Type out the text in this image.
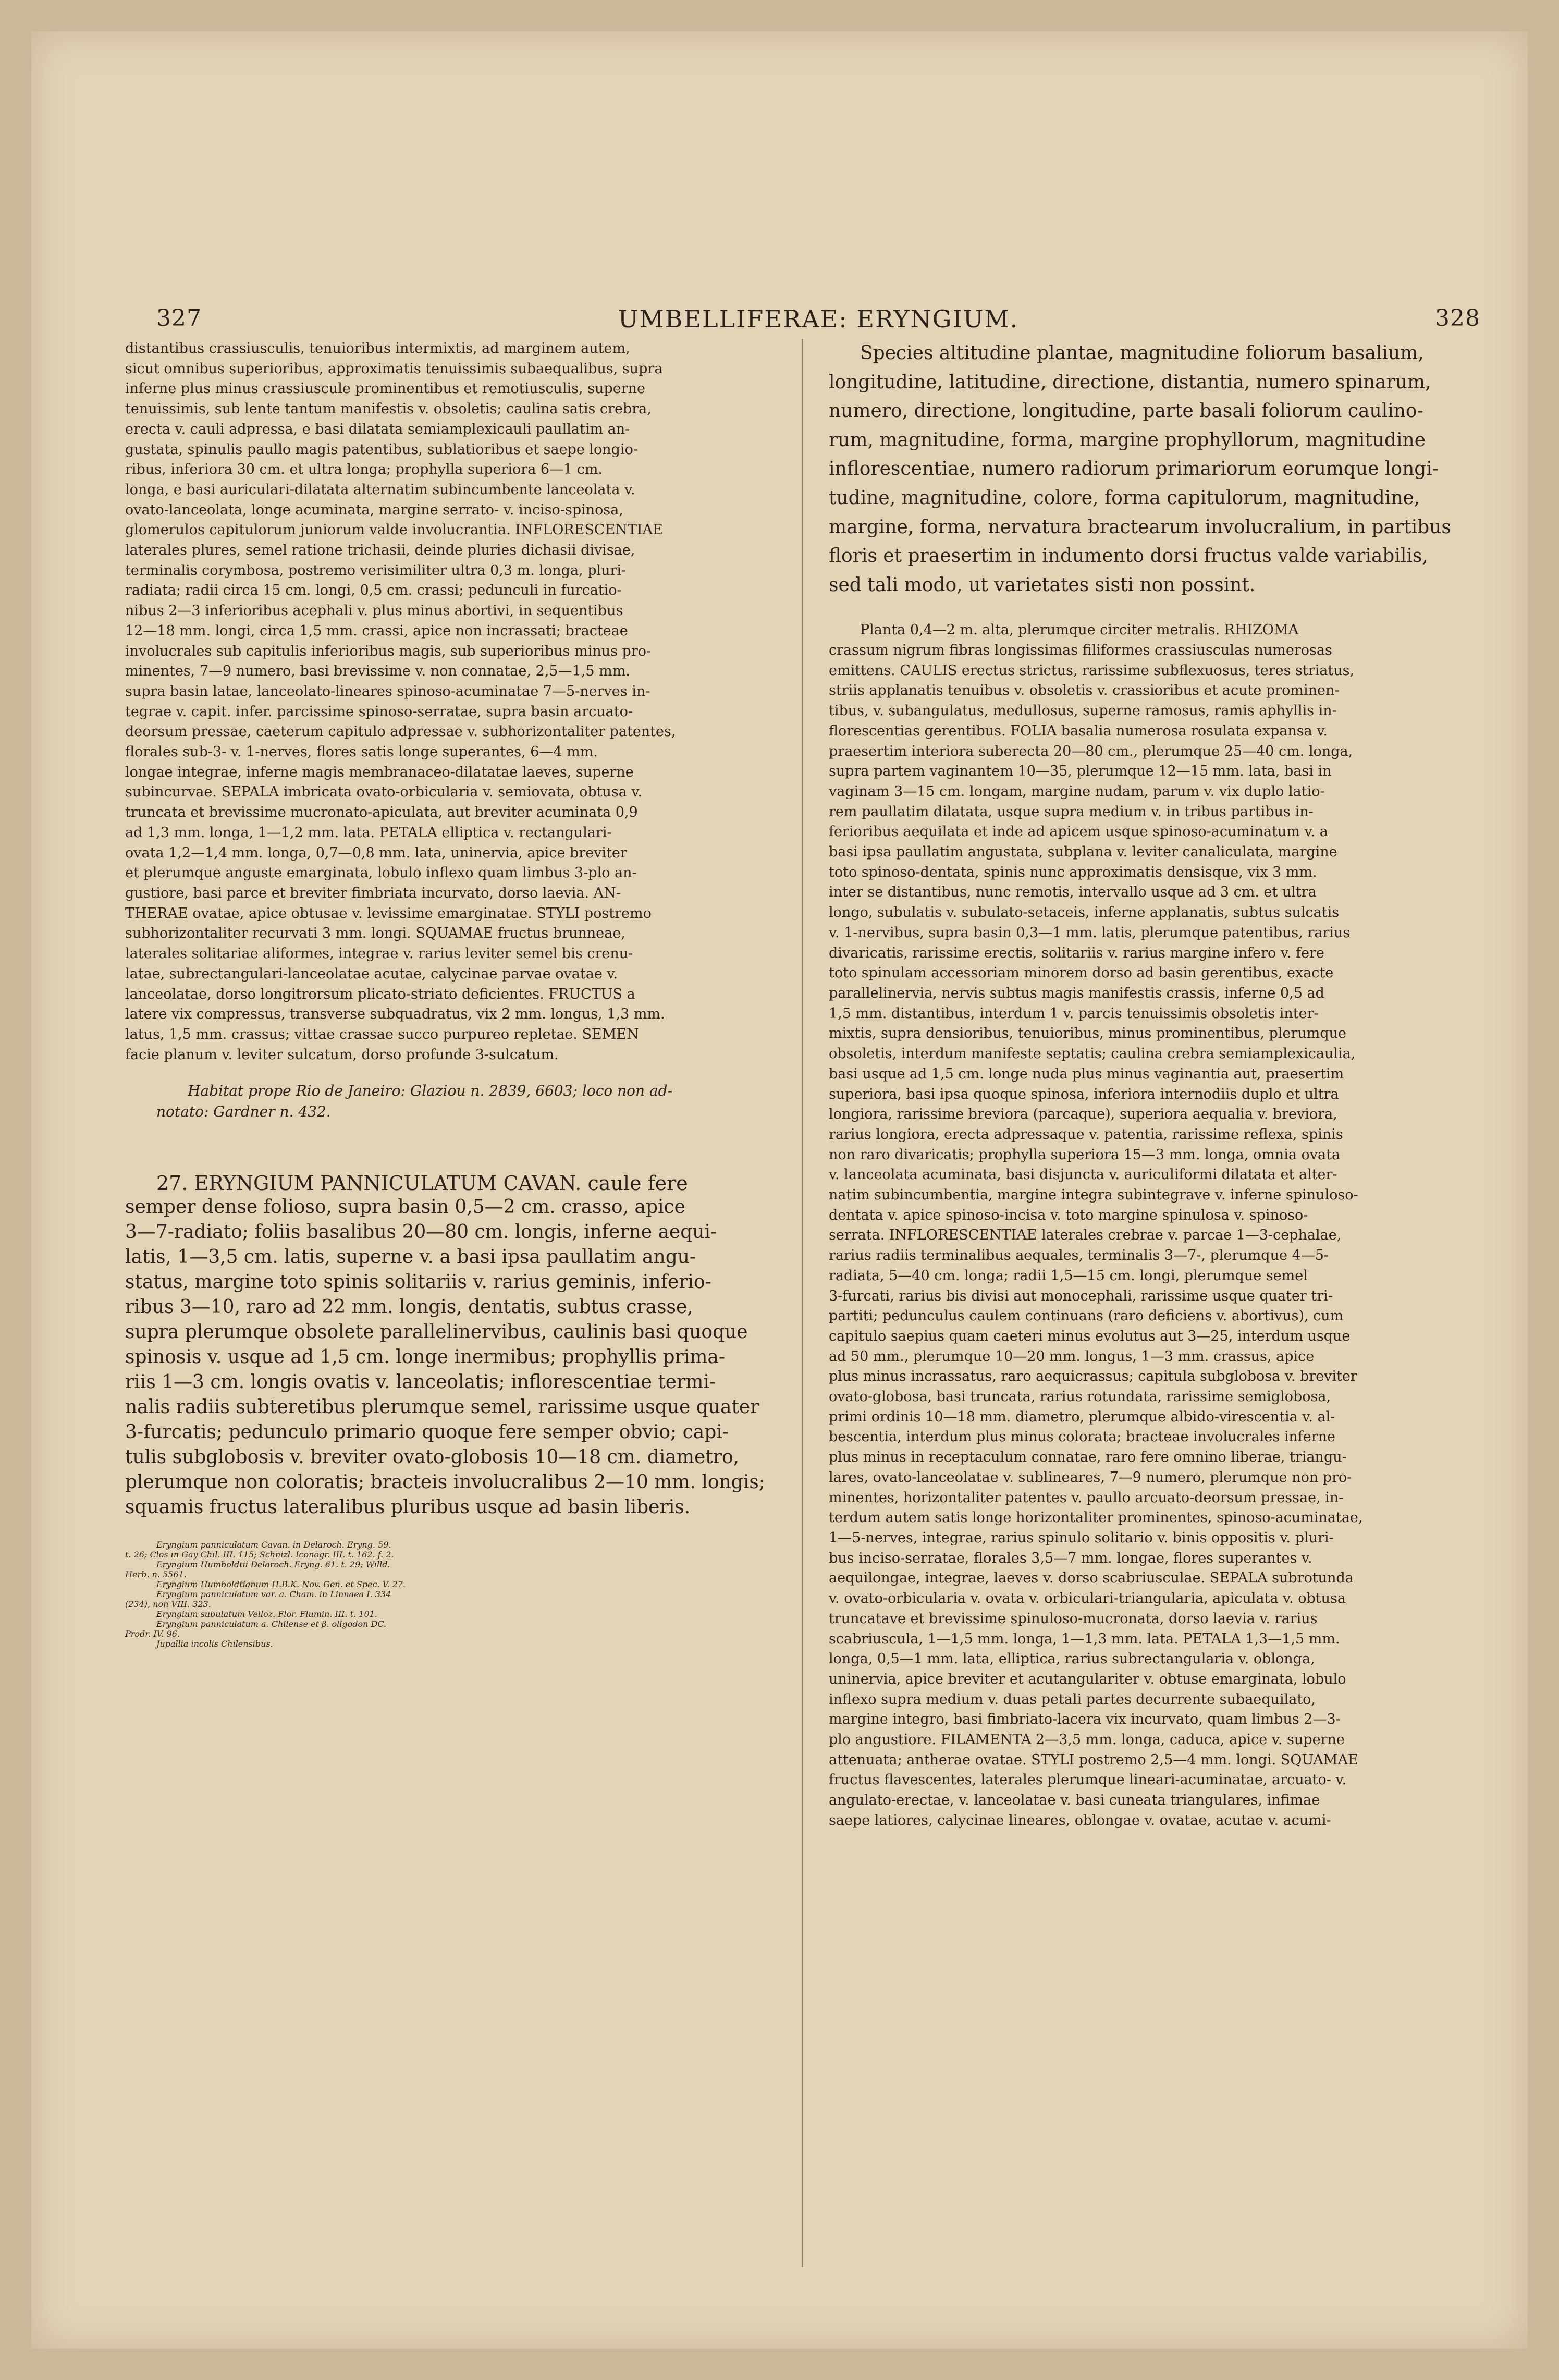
327	UMBELLIFERAE: ERYNGIUM.	328
distantibus crassiusculis, tenuioribus intermixtis, ad marginem autem,
sicut omnibus superioribus, approximatis tenuissimis subaequalibus, supra
inferne plus minus crassiuscule prominentibus et remotiusculis, superne
tenuissimis, sub lente tantum manifestis v. obsoletis; caulina satis crebra,
erecta v. cauli adpressa, e basi dilatata semiamplexicauli paullatim an-
gustata, spinulis paullo magis patentibus, sublatioribus et saepe longio-
ribus, inferiora 30 cm. et ultra longa; prophylla superiora 6—1 cm.
longa, e basi auriculari-dilatata alternatim subincumbente lanceolata v.
ovato-lanceolata, longe acuminata, margine serrato- v. inciso-spinosa,
glomerulos capitulorum juniorum valde involucrantia. INFLORESCENTIAE
laterales plures, semel ratione trichasii, deinde pluries dichasii divisae,
terminalis corymbosa, postremo verisimiliter ultra 0,3 m. longa, pluri-
radiata; radii circa 15 cm. longi, 0,5 cm. crassi; pedunculi in furcatio-
nibus 2—3 inferioribus acephali v. plus minus abortivi, in sequentibus
12—18 mm. longi, circa 1,5 mm. crassi, apice non incrassati; bracteae
involucrales sub capitulis inferioribus magis, sub superioribus minus pro-
minentes, 7—9 numero, basi brevissime v. non connatae, 2,5—1,5 mm.
supra basin latae, lanceolato-lineares spinoso-acuminatae 7—5-nerves in-
tegrae v. capit. infer. parcissime spinoso-serratae, supra basin arcuato-
deorsum pressae, caeterum capitulo adpressae v. subhorizontaliter patentes,
florales sub-3- v. 1-nerves, flores satis longe superantes, 6—4 mm.
longae integrae, inferne magis membranaceo-dilatatae laeves, superne
subincurvae. SEPALA imbricata ovato-orbicularia v. semiovata, obtusa v.
truncata et brevissime mucronato-apiculata, aut breviter acuminata 0,9
ad 1,3 mm. longa, 1—1,2 mm. lata. PETALA elliptica v. rectangulari-
ovata 1,2—1,4 mm. longa, 0,7—0,8 mm. lata, uninervia, apice breviter
et plerumque anguste emarginata, lobulo inflexo quam limbus 3-plo an-
gustiore, basi parce et breviter fimbriata incurvato, dorso laevia. AN-
THERAE ovatae, apice obtusae v. levissime emarginatae. STYLI postremo
subhorizontaliter recurvati 3 mm. longi. SQUAMAE fructus brunneae,
laterales solitariae aliformes, integrae v. rarius leviter semel bis crenu-
latae, subrectangulari-lanceolatae acutae, calycinae parvae ovatae v.
lanceolatae, dorso longitrorsum plicato-striato deficientes. FRUCTUS a
latere vix compressus, transverse subquadratus, vix 2 mm. longus, 1,3 mm.
latus, 1,5 mm. crassus; vittae crassae succo purpureo repletae. SEMEN
facie planum v. leviter sulcatum, dorso profunde 3-sulcatum.
Habitat prope Rio de Janeiro: Glaziou n. 2839, 6603; loco non ad-
notato: Gardner n. 432.

27. ERYNGIUM PANNICULATUM CAVAN. caule fere

semper dense folioso, supra basin 0,5—2 cm. crasso, apice
3—7-radiato; foliis basalibus 20—80 cm. longis, inferne aequi-
latis, 1—3,5 cm. latis, superne v. a basi ipsa paullatim angu-
status, margine toto spinis solitariis v. rarius geminis, inferio-
ribus 3—10, raro ad 22 mm. longis, dentatis, subtus crasse,
supra plerumque obsolete parallelinervibus, caulinis basi quoque
spinosis v. usque ad 1,5 cm. longe inermibus; prophyllis prima-
riis 1—3 cm. longis ovatis v. lanceolatis; inflorescentiae termi-
nalis radiis subteretibus plerumque semel, rarissime usque quater
3-furcatis; pedunculo primario quoque fere semper obvio; capi-
tulis subglobosis v. breviter ovato-globosis 10—18 cm. diametro,
plerumque non coloratis; bracteis involucralibus 2—10 mm. longis;
squamis fructus lateralibus pluribus usque ad basin liberis.
Eryngium panniculatum Cavan. in Delaroch. Eryng. 59.
t. 26; Clos in Gay Chil. III. 115; Schnizl. Iconogr. III. t. 162. f. 2.
Eryngium Humboldtii Delaroch. Eryng. 61. t. 29; Willd.
Herb. n. 5561.
Eryngium Humboldtianum H.B.K. Nov. Gen. et Spec. V. 27.
Eryngium panniculatum var. a. Cham. in Linnaea I. 334
(234), non VIII. 323.
Eryngium subulatum Velloz. Flor. Flumin. III. t. 101.
Eryngium panniculatum a. Chilense et β. oligodon DC.
Prodr. IV. 96.
Jupallia incolis Chilensibus.
Species altitudine plantae, magnitudine foliorum basalium,
longitudine, latitudine, directione, distantia, numero spinarum,
numero, directione, longitudine, parte basali foliorum caulino-
rum, magnitudine, forma, margine prophyllorum, magnitudine
inflorescentiae, numero radiorum primariorum eorumque longi-
tudine, magnitudine, colore, forma capitulorum, magnitudine,
margine, forma, nervatura bractearum involucralium, in partibus
floris et praesertim in indumento dorsi fructus valde variabilis,
sed tali modo, ut varietates sisti non possint.
Planta 0,4—2 m. alta, plerumque circiter metralis. RHIZOMA
crassum nigrum fibras longissimas filiformes crassiusculas numerosas
emittens. CAULIS erectus strictus, rarissime subflexuosus, teres striatus,
striis applanatis tenuibus v. obsoletis v. crassioribus et acute prominen-
tibus, v. subangulatus, medullosus, superne ramosus, ramis aphyllis in-
florescentias gerentibus. FOLIA basalia numerosa rosulata expansa v.
praesertim interiora suberecta 20—80 cm., plerumque 25—40 cm. longa,
supra partem vaginantem 10—35, plerumque 12—15 mm. lata, basi in
vaginam 3—15 cm. longam, margine nudam, parum v. vix duplo latio-
rem paullatim dilatata, usque supra medium v. in tribus partibus in-
ferioribus aequilata et inde ad apicem usque spinoso-acuminatum v. a
basi ipsa paullatim angustata, subplana v. leviter canaliculata, margine
toto spinoso-dentata, spinis nunc approximatis densisque, vix 3 mm.
inter se distantibus, nunc remotis, intervallo usque ad 3 cm. et ultra
longo, subulatis v. subulato-setaceis, inferne applanatis, subtus sulcatis
v. 1-nervibus, supra basin 0,3—1 mm. latis, plerumque patentibus, rarius
divaricatis, rarissime erectis, solitariis v. rarius margine infero v. fere
toto spinulam accessoriam minorem dorso ad basin gerentibus, exacte
parallelinervia, nervis subtus magis manifestis crassis, inferne 0,5 ad
1,5 mm. distantibus, interdum 1 v. parcis tenuissimis obsoletis inter-
mixtis, supra densioribus, tenuioribus, minus prominentibus, plerumque
obsoletis, interdum manifeste septatis; caulina crebra semiamplexicaulia,
basi usque ad 1,5 cm. longe nuda plus minus vaginantia aut, praesertim
superiora, basi ipsa quoque spinosa, inferiora internodiis duplo et ultra
longiora, rarissime breviora (parcaque), superiora aequalia v. breviora,
rarius longiora, erecta adpressaque v. patentia, rarissime reflexa, spinis
non raro divaricatis; prophylla superiora 15—3 mm. longa, omnia ovata
v. lanceolata acuminata, basi disjuncta v. auriculiformi dilatata et alter-
natim subincumbentia, margine integra subintegrave v. inferne spinuloso-
dentata v. apice spinoso-incisa v. toto margine spinulosa v. spinoso-
serrata. INFLORESCENTIAE laterales crebrae v. parcae 1—3-cephalae,
rarius radiis terminalibus aequales, terminalis 3—7-, plerumque 4—5-
radiata, 5—40 cm. longa; radii 1,5—15 cm. longi, plerumque semel
3-furcati, rarius bis divisi aut monocephali, rarissime usque quater tri-
partiti; pedunculus caulem continuans (raro deficiens v. abortivus), cum
capitulo saepius quam caeteri minus evolutus aut 3—25, interdum usque
ad 50 mm., plerumque 10—20 mm. longus, 1—3 mm. crassus, apice
plus minus incrassatus, raro aequicrassus; capitula subglobosa v. breviter
ovato-globosa, basi truncata, rarius rotundata, rarissime semiglobosa,
primi ordinis 10—18 mm. diametro, plerumque albido-virescentia v. al-
bescentia, interdum plus minus colorata; bracteae involucrales inferne
plus minus in receptaculum connatae, raro fere omnino liberae, triangu-
lares, ovato-lanceolatae v. sublineares, 7—9 numero, plerumque non pro-
minentes, horizontaliter patentes v. paullo arcuato-deorsum pressae, in-
terdum autem satis longe horizontaliter prominentes, spinoso-acuminatae,
1—5-nerves, integrae, rarius spinulo solitario v. binis oppositis v. pluri-
bus inciso-serratae, florales 3,5—7 mm. longae, flores superantes v.
aequilongae, integrae, laeves v. dorso scabriusculae. SEPALA subrotunda
v. ovato-orbicularia v. ovata v. orbiculari-triangularia, apiculata v. obtusa
truncatave et brevissime spinuloso-mucronata, dorso laevia v. rarius
scabriuscula, 1—1,5 mm. longa, 1—1,3 mm. lata. PETALA 1,3—1,5 mm.
longa, 0,5—1 mm. lata, elliptica, rarius subrectangularia v. oblonga,
uninervia, apice breviter et acutangulariter v. obtuse emarginata, lobulo
inflexo supra medium v. duas petali partes decurrente subaequilato,
margine integro, basi fimbriato-lacera vix incurvato, quam limbus 2—3-
plo angustiore. FILAMENTA 2—3,5 mm. longa, caduca, apice v. superne
attenuata; antherae ovatae. STYLI postremo 2,5—4 mm. longi. SQUAMAE
fructus flavescentes, laterales plerumque lineari-acuminatae, arcuato- v.
angulato-erectae, v. lanceolatae v. basi cuneata triangulares, infimae
saepe latiores, calycinae lineares, oblongae v. ovatae, acutae v. acumi-
